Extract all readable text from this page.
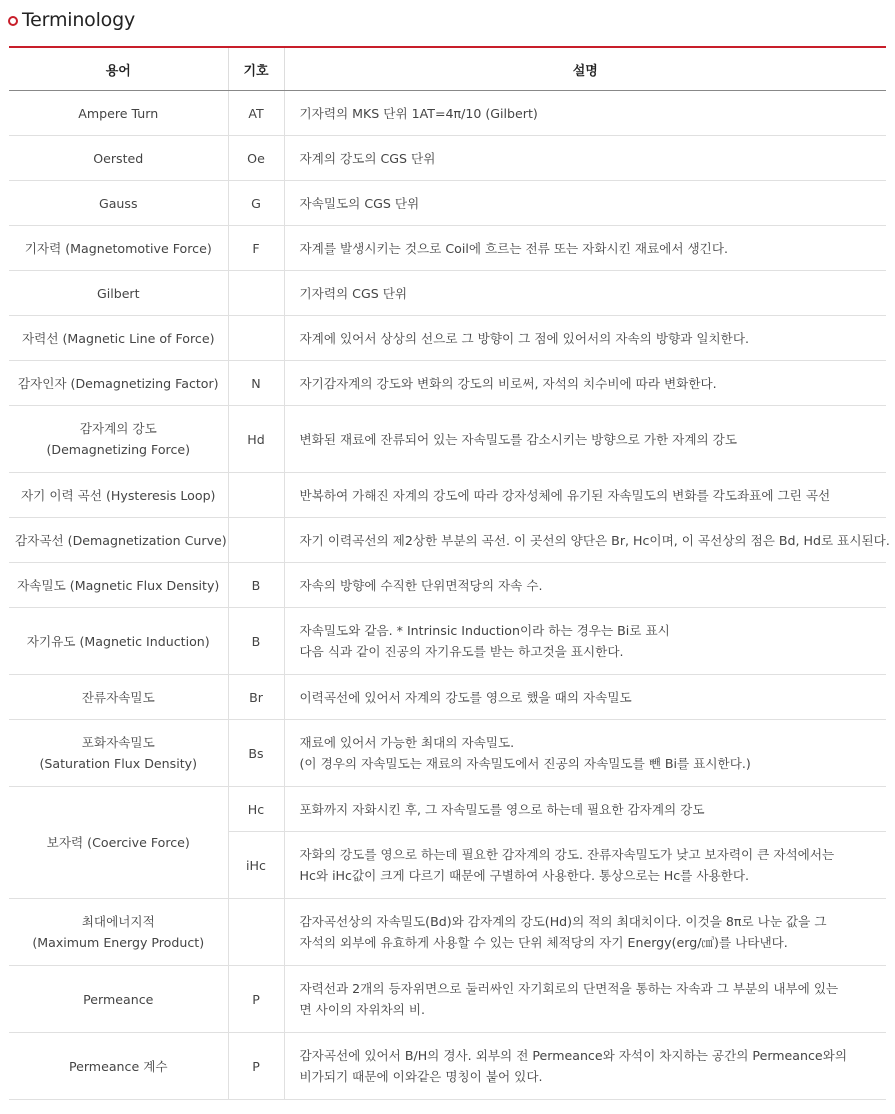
Terminology
용어	기호	설명

Ampere Turn	AT	기자력의 MKS 단위 1AT=4π/10 (Gilbert)

Oersted	Oe	자계의 강도의 CGS 단위

Gauss	G	자속밀도의 CGS 단위

기자력 (Magnetomotive Force)	F	자계를 발생시키는 것으로 Coil에 흐르는 전류 또는 자화시킨 재료에서 생긴다.

Gilbert		기자력의 CGS 단위

자력선 (Magnetic Line of Force)		자계에 있어서 상상의 선으로 그 방향이 그 점에 있어서의 자속의 방향과 일치한다.

감자인자 (Demagnetizing Factor)	N	자기감자계의 강도와 변화의 강도의 비로써, 자석의 치수비에 따라 변화한다.

감자계의 강도
(Demagnetizing Force)	Hd	변화된 재료에 잔류되어 있는 자속밀도를 감소시키는 방향으로 가한 자계의 강도

자기 이력 곡선 (Hysteresis Loop)		반복하여 가해진 자계의 강도에 따라 강자성체에 유기된 자속밀도의 변화를 각도좌표에 그린 곡선

감자곡선 (Demagnetization Curve)		자기 이력곡선의 제2상한 부분의 곡선. 이 곳선의 양단은 Br, Hc이며, 이 곡선상의 점은 Bd, Hd로 표시된다.

자속밀도 (Magnetic Flux Density)	B	자속의 방향에 수직한 단위면적당의 자속 수.

자기유도 (Magnetic Induction)	B	자속밀도와 같음. * Intrinsic Induction이라 하는 경우는 Bi로 표시
다음 식과 같이 진공의 자기유도를 받는 하고것을 표시한다.

잔류자속밀도	Br	이력곡선에 있어서 자계의 강도를 영으로 했을 때의 자속밀도

포화자속밀도
(Saturation Flux Density)	Bs	재료에 있어서 가능한 최대의 자속밀도.
(이 경우의 자속밀도는 재료의 자속밀도에서 진공의 자속밀도를 뺀 Bi를 표시한다.)

보자력 (Coercive Force)	Hc	포화까지 자화시킨 후, 그 자속밀도를 영으로 하는데 필요한 감자계의 강도

	iHc	자화의 강도를 영으로 하는데 필요한 감자계의 강도. 잔류자속밀도가 낮고 보자력이 큰 자석에서는
Hc와 iHc값이 크게 다르기 때문에 구별하여 사용한다. 통상으로는 Hc를 사용한다.

최대에너지적
(Maximum Energy Product)		감자곡선상의 자속밀도(Bd)와 감자계의 강도(Hd)의 적의 최대치이다. 이것을 8π로 나눈 값을 그
자석의 외부에 유효하게 사용할 수 있는 단위 체적당의 자기 Energy(erg/㎤)를 나타낸다.

Permeance	P	자력선과 2개의 등자위면으로 둘러싸인 자기회로의 단면적을 통하는 자속과 그 부분의 내부에 있는
면 사이의 자위차의 비.

Permeance 계수	P	감자곡선에 있어서 B/H의 경사. 외부의 전 Permeance와 자석이 차지하는 공간의 Permeance와의
비가되기 때문에 이와같은 명칭이 붙어 있다.
